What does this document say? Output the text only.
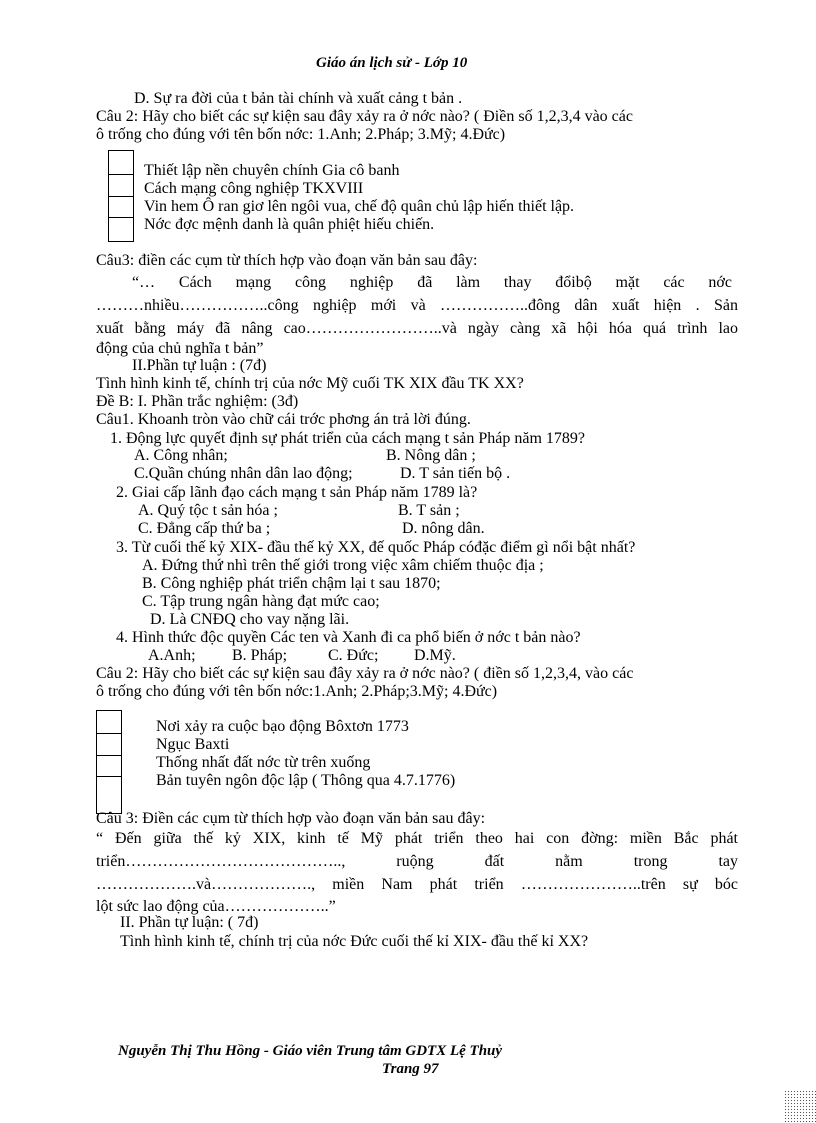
Giáo án lịch sử - Lớp 10
D. Sự ra đời của t bản tài chính và xuất cảng t bản .
Câu 2: Hãy cho biết các sự kiện sau đây xảy ra ở nớc nào? ( Điền số 1,2,3,4 vào các
ô trống cho đúng với tên bốn nớc: 1.Anh; 2.Pháp; 3.Mỹ; 4.Đức)
Thiết lập nền chuyên chính Gia cô banh
Cách mạng công nghiệp TKXVIII
Vin hem Ô ran giơ lên ngôi vua, chế độ quân chủ lập hiến thiết lập.
Nớc đợc mệnh danh là quân phiệt hiếu chiến.
Câu3: điền các cụm từ thích hợp vào đoạn văn bản sau đây:
“… Cách mạng công nghiệp đã làm thay đổibộ mặt các nớc
………nhiều……………..công nghiệp mới và ……………..đông dân xuất hiện . Sản
xuất bằng máy đã nâng cao……………………..và ngày càng xã hội hóa quá trình lao
động của chủ nghĩa t bản”
II.Phần tự luận : (7đ)
Tình hình kinh tế, chính trị của nớc Mỹ cuối TK XIX đầu TK XX?
Đề B: I. Phần trắc nghiệm: (3đ)
Câu1. Khoanh tròn vào chữ cái trớc phơng án trả lời đúng.
1. Động lực quyết định sự phát triển của cách mạng t sản Pháp năm 1789?
A. Công nhân;	B. Nông dân ;
C.Quần chúng nhân dân lao động;	D. T sản tiến bộ .
2. Giai cấp lãnh đạo cách mạng t sản Pháp năm 1789 là?
A. Quý tộc t sản hóa ;	B. T sản ;
C. Đẳng cấp thứ ba ;	D. nông dân.
3. Từ cuối thế kỷ XIX- đầu thế kỷ XX, đế quốc Pháp cóđặc điểm gì nổi bật nhất?
A. Đứng thứ nhì trên thế giới trong việc xâm chiếm thuộc địa ;
B. Công nghiệp phát triển chậm lại t sau 1870;
C. Tập trung ngân hàng đạt mức cao;
D. Là CNĐQ cho vay nặng lãi.
4. Hình thức độc quyền Các ten và Xanh đi ca phổ biến ở nớc t bản nào?
A.Anh; B. Pháp;	C. Đức; D.Mỹ.
Câu 2: Hãy cho biết các sự kiện sau đây xảy ra ở nớc nào? ( điền số 1,2,3,4, vào các
ô trống cho đúng với tên bốn nớc:1.Anh; 2.Pháp;3.Mỹ; 4.Đức)
Nơi xảy ra cuộc bạo động Bôxtơn 1773
Ngục Baxti
Thống nhất đất nớc từ trên xuống
Bản tuyên ngôn độc lập ( Thông qua 4.7.1776)
Câu 3: Điền các cụm từ thích hợp vào đoạn văn bản sau đây:
“ Đến giữa thế kỷ XIX, kinh tế Mỹ phát triển theo hai con đờng: miền Bắc phát
triển………………………………….., ruộng đất nằm trong tay
……………….và………………., miền Nam phát triển …………………..trên sự bóc
lột sức lao động của………………..”
II. Phần tự luận: ( 7đ)
Tình hình kinh tế, chính trị của nớc Đức cuối thế kỉ XIX- đầu thế kỉ XX?
Nguyễn Thị Thu Hồng - Giáo viên Trung tâm GDTX Lệ Thuỷ
Trang 97
